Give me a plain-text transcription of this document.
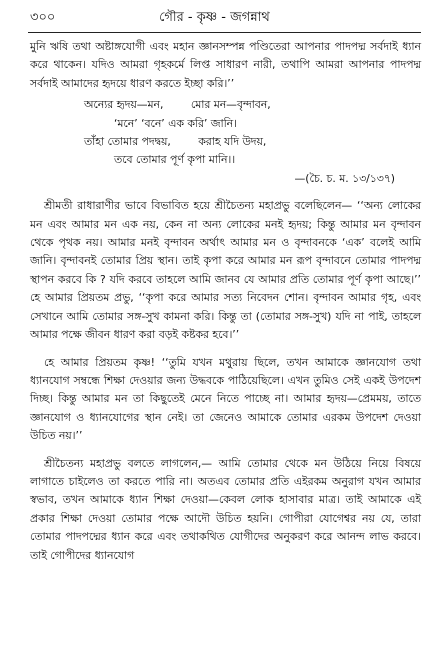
৩০০	গৌর - কৃষ্ণ - জগন্নাথ

মুনি ঋষি তথা অষ্টাঙ্গযোগী এবং মহান জ্ঞানসম্পন্ন পণ্ডিতেরা আপনার পাদপদ্ম সর্বদাই ধ্যান করে থাকেন। যদিও আমরা গৃহকর্মে লিপ্ত সাধারণ নারী, তথাপি আমরা আপনার পাদপদ্ম সর্বদাই আমাদের হৃদয়ে ধারণ করতে ইচ্ছা করি।’’

অন্যের হৃদয়—মন,        মোর মন—বৃন্দাবন,
‘মনে’ ‘বনে’ এক করি’ জানি।
তাঁহা তোমার পদদ্বয়,        করাহ যদি উদয়,
তবে তোমার পূর্ণ কৃপা মানি।।
—(চৈ. চ. ম. ১৩/১৩৭)

শ্রীমতী রাধারাণীর ভাবে বিভাবিত হয়ে শ্রীচৈতন্য মহাপ্রভু বলেছিলেন— ‘‘অন্য লোকের মন এবং আমার মন এক নয়, কেন না অন্য লোকের মনই হৃদয়; কিন্তু আমার মন বৃন্দাবন থেকে পৃথক নয়। আমার মনই বৃন্দাবন অর্থাৎ আমার মন ও বৃন্দাবনকে ‘এক’ বলেই আমি জানি। বৃন্দাবনই তোমার প্রিয় স্থান। তাই কৃপা করে আমার মন রূপ বৃন্দাবনে তোমার পাদপদ্ম স্থাপন করবে কি ? যদি করবে তাহলে আমি জানব যে আমার প্রতি তোমার পূর্ণ কৃপা আছে।’’ হে আমার প্রিয়তম প্রভু, ‘‘কৃপা করে আমার সত্য নিবেদন শোন। বৃন্দাবন আমার গৃহ, এবং সেখানে আমি তোমার সঙ্গ-সুখ কামনা করি। কিন্তু তা (তোমার সঙ্গ-সুখ) যদি না পাই, তাহলে আমার পক্ষে জীবন ধারণ করা বড়ই কষ্টকর হবে।’’

হে আমার প্রিয়তম কৃষ্ণ! ‘‘তুমি যখন মথুরায় ছিলে, তখন আমাকে জ্ঞানযোগ তথা ধ্যানযোগ সম্বন্ধে শিক্ষা দেওয়ার জন্য উদ্ধবকে পাঠিয়েছিলে। এখন তুমিও সেই একই উপদেশ দিচ্ছ। কিন্তু আমার মন তা কিছুতেই মেনে নিতে পাচ্ছে না। আমার হৃদয়—প্রেমময়, তাতে জ্ঞানযোগ ও ধ্যানযোগের স্থান নেই। তা জেনেও আমাকে তোমার এরকম উপদেশ দেওয়া উচিত নয়।’’

শ্রীচৈতন্য মহাপ্রভু বলতে লাগলেন,— আমি তোমার থেকে মন উঠিয়ে নিয়ে বিষয়ে লাগাতে চাইলেও তা করতে পারি না। অতএব তোমার প্রতি এইরকম অনুরাগ যখন আমার স্বভাব, তখন আমাকে ধ্যান শিক্ষা দেওয়া—কেবল লোক হাসাবার মাত্র। তাই আমাকে এই প্রকার শিক্ষা দেওয়া তোমার পক্ষে আদৌ উচিত হয়নি। গোপীরা যোগেশ্বর নয় যে, তারা তোমার পাদপদ্মের ধ্যান করে এবং তথাকথিত যোগীদের অনুকরণ করে আনন্দ লাভ করবে। তাই গোপীদের ধ্যানযোগ
